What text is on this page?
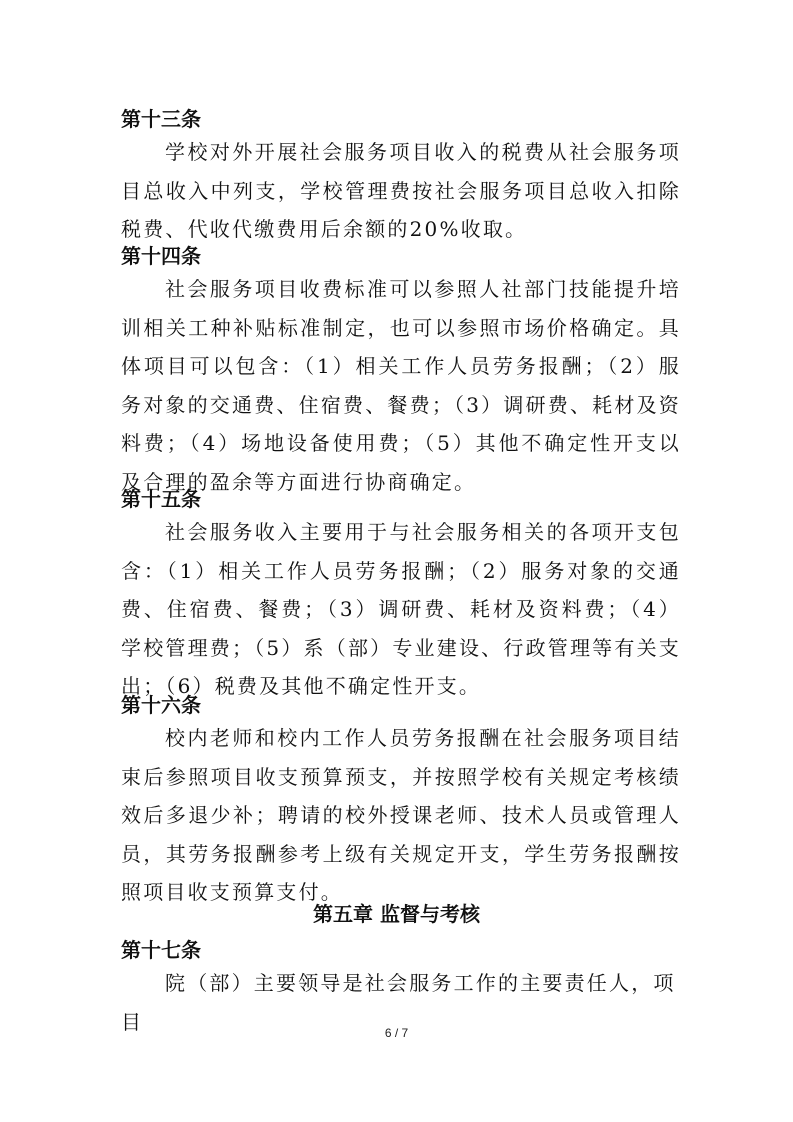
第十三条
学校对外开展社会服务项目收入的税费从社会服务项目总收入中列支，学校管理费按社会服务项目总收入扣除税费、代收代缴费用后余额的20%收取。
第十四条
社会服务项目收费标准可以参照人社部门技能提升培训相关工种补贴标准制定，也可以参照市场价格确定。具体项目可以包含：（1）相关工作人员劳务报酬；（2）服务对象的交通费、住宿费、餐费；（3）调研费、耗材及资料费；（4）场地设备使用费；（5）其他不确定性开支以及合理的盈余等方面进行协商确定。
第十五条
社会服务收入主要用于与社会服务相关的各项开支包含：（1）相关工作人员劳务报酬；（2）服务对象的交通费、住宿费、餐费；（3）调研费、耗材及资料费；（4）学校管理费；（5）系（部）专业建设、行政管理等有关支出；（6）税费及其他不确定性开支。
第十六条
校内老师和校内工作人员劳务报酬在社会服务项目结束后参照项目收支预算预支，并按照学校有关规定考核绩效后多退少补；聘请的校外授课老师、技术人员或管理人员，其劳务报酬参考上级有关规定开支，学生劳务报酬按照项目收支预算支付。
第五章 监督与考核
第十七条
院（部）主要领导是社会服务工作的主要责任人，项目	6 / 7
